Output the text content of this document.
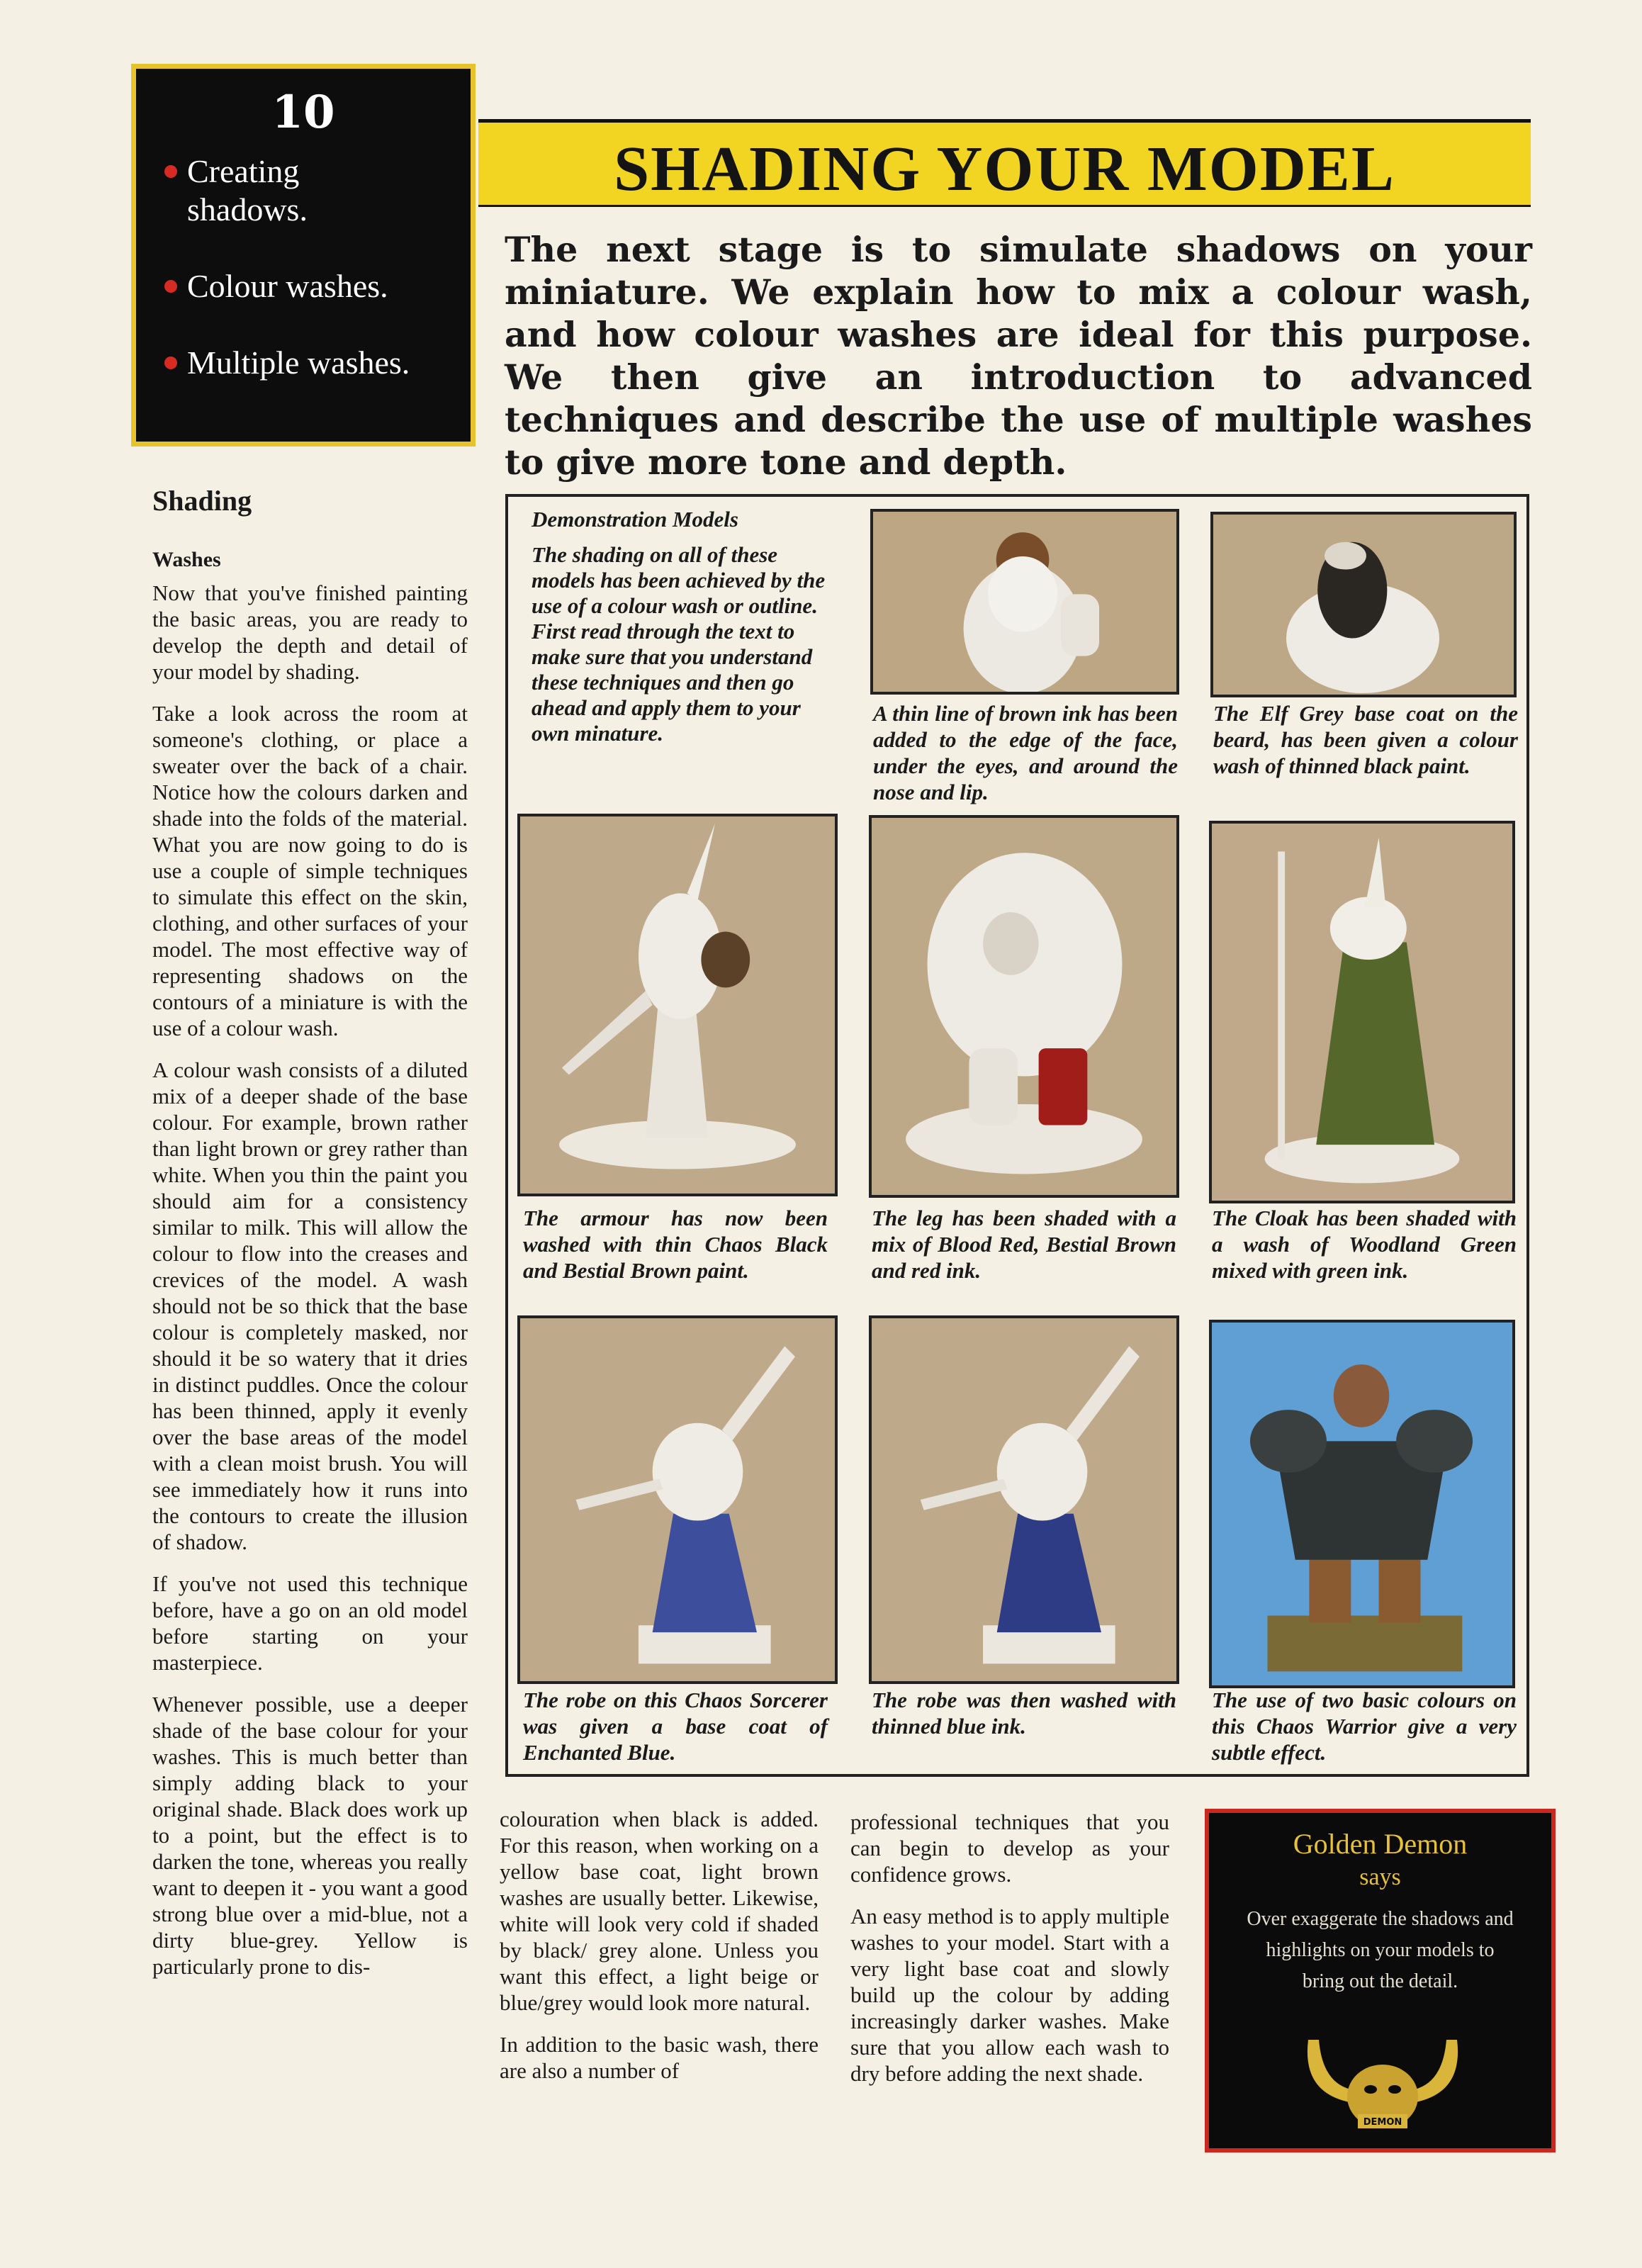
10
Creating shadows.
Colour washes.
Multiple washes.
SHADING YOUR MODEL
The next stage is to simulate shadows on your miniature. We explain how to mix a colour wash, and how colour washes are ideal for this purpose. We then give an introduction to advanced techniques and describe the use of multiple washes to give more tone and depth.
Shading
Washes

Now that you've finished painting the basic areas, you are ready to develop the depth and detail of your model by shading.

Take a look across the room at someone's clothing, or place a sweater over the back of a chair. Notice how the colours darken and shade into the folds of the material. What you are now going to do is use a couple of simple techniques to simulate this effect on the skin, clothing, and other surfaces of your model. The most effective way of representing shadows on the contours of a miniature is with the use of a colour wash.

A colour wash consists of a diluted mix of a deeper shade of the base colour. For example, brown rather than light brown or grey rather than white. When you thin the paint you should aim for a consistency similar to milk. This will allow the colour to flow into the creases and crevices of the model. A wash should not be so thick that the base colour is completely masked, nor should it be so watery that it dries in distinct puddles. Once the colour has been thinned, apply it evenly over the base areas of the model with a clean moist brush. You will see immediately how it runs into the contours to create the illusion of shadow.

If you've not used this technique before, have a go on an old model before starting on your masterpiece.

Whenever possible, use a deeper shade of the base colour for your washes. This is much better than simply adding black to your original shade. Black does work up to a point, but the effect is to darken the tone, whereas you really want to deepen it - you want a good strong blue over a mid-blue, not a dirty blue-grey. Yellow is particularly prone to dis-

Demonstration Models
The shading on all of these models has been achieved by the use of a colour wash or outline. First read through the text to make sure that you understand these techniques and then go ahead and apply them to your own minature.
A thin line of brown ink has been added to the edge of the face, under the eyes, and around the nose and lip.
The Elf Grey base coat on the beard, has been given a colour wash of thinned black paint.
The armour has now been washed with thin Chaos Black and Bestial Brown paint.
The leg has been shaded with a mix of Blood Red, Bestial Brown and red ink.
The Cloak has been shaded with a wash of Woodland Green mixed with green ink.
The robe on this Chaos Sorcerer was given a base coat of Enchanted Blue.
The robe was then washed with thinned blue ink.
The use of two basic colours on this Chaos Warrior give a very subtle effect.

colouration when black is added. For this reason, when working on a yellow base coat, light brown washes are usually better. Likewise, white will look very cold if shaded by black/ grey alone. Unless you want this effect, a light beige or blue/grey would look more natural.

In addition to the basic wash, there are also a number of

professional techniques that you can begin to develop as your confidence grows.

An easy method is to apply multiple washes to your model. Start with a very light base coat and slowly build up the colour by adding increasingly darker washes. Make sure that you allow each wash to dry before adding the next shade.

Golden Demon
says
Over exaggerate the shadows and highlights on your models to bring out the detail.
DEMON
